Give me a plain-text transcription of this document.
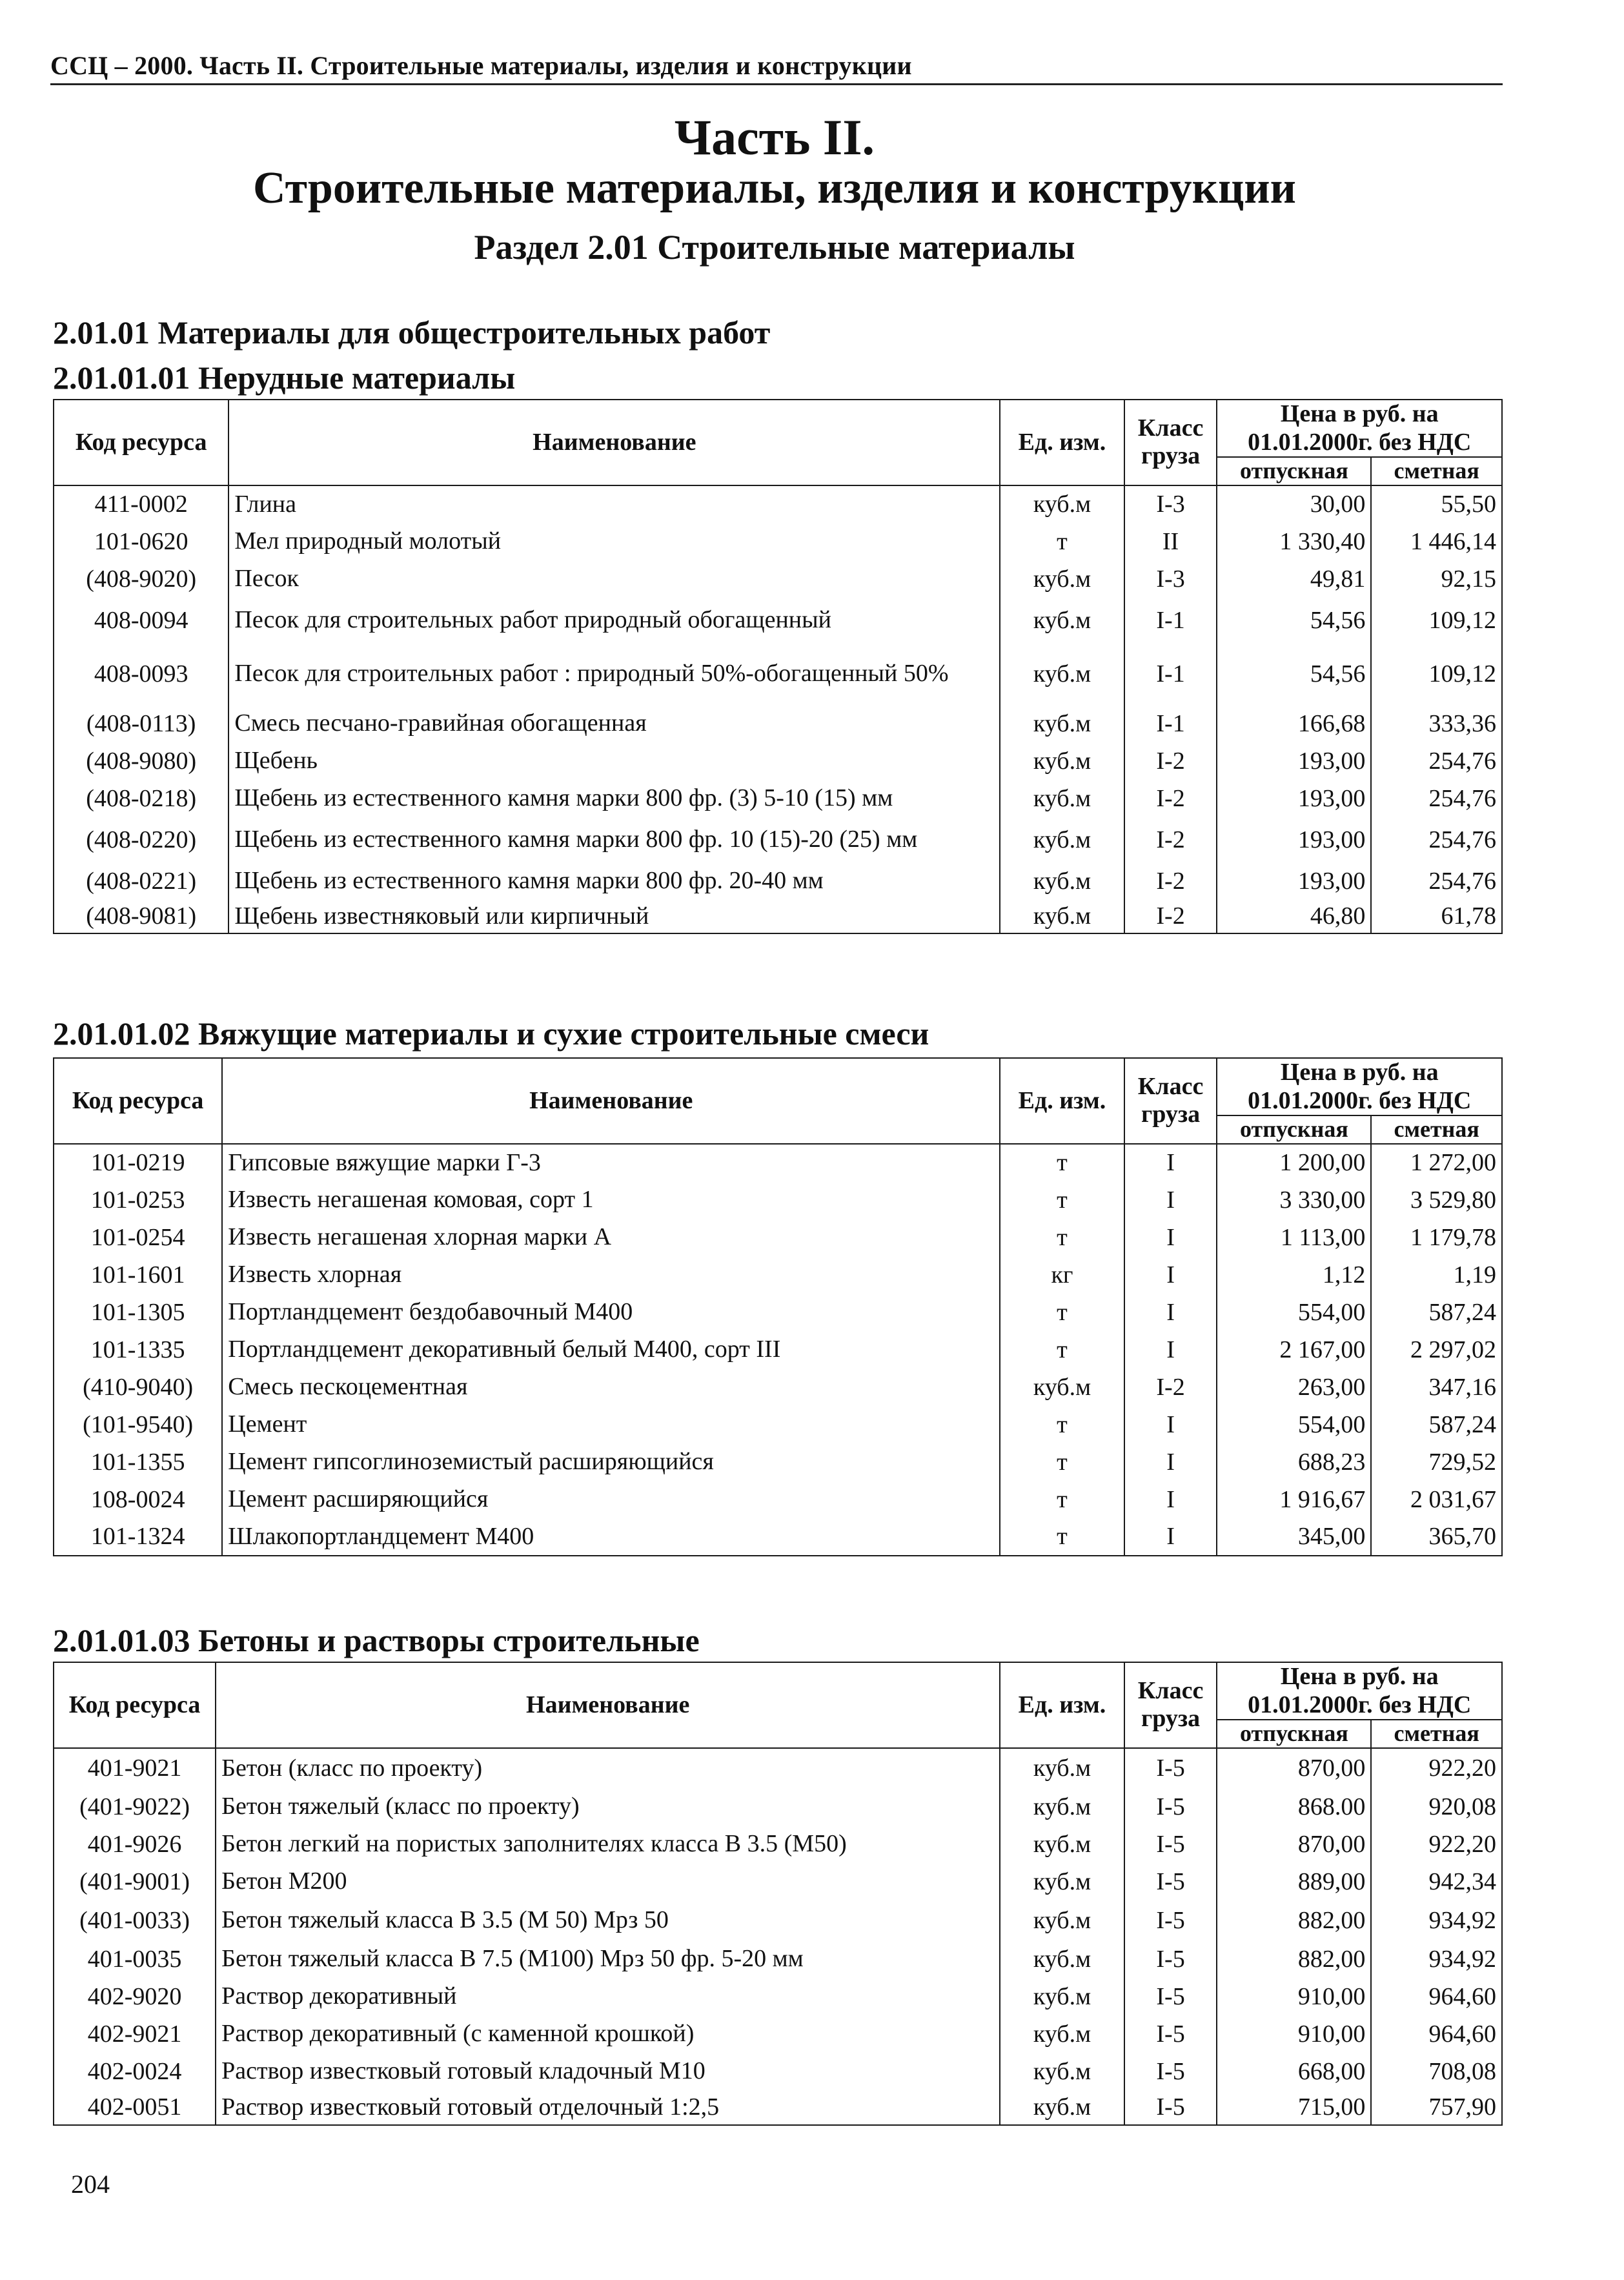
ССЦ – 2000. Часть II. Строительные материалы, изделия и конструкции
Часть II.
Строительные материалы, изделия и конструкции
Раздел 2.01 Строительные материалы
2.01.01 Материалы для общестроительных работ
2.01.01.01 Нерудные материалы
2.01.01.02 Вяжущие материалы и сухие строительные смеси
2.01.01.03 Бетоны и растворы строительные
Код ресурса	Наименование	Ед. изм.	Класс груза	Цена в руб. на 01.01.2000г. без НДС	
				отпускная	сметная
411-0002	Глина	куб.м	I-3	30,00	55,50
101-0620	Мел природный молотый	т	II	1 330,40	1 446,14
(408-9020)	Песок	куб.м	I-3	49,81	92,15
408-0094	Песок для строительных работ природный обогащенный	куб.м	I-1	54,56	109,12
408-0093	Песок для строительных работ : природный 50%-обогащенный 50%	куб.м	I-1	54,56	109,12
(408-0113)	Смесь песчано-гравийная обогащенная	куб.м	I-1	166,68	333,36
(408-9080)	Щебень	куб.м	I-2	193,00	254,76
(408-0218)	Щебень из естественного камня марки 800 фр. (3) 5-10 (15) мм	куб.м	I-2	193,00	254,76
(408-0220)	Щебень из естественного камня марки 800 фр. 10 (15)-20 (25) мм	куб.м	I-2	193,00	254,76
(408-0221)	Щебень из естественного камня марки 800 фр. 20-40 мм	куб.м	I-2	193,00	254,76
(408-9081)	Щебень известняковый или кирпичный	куб.м	I-2	46,80	61,78
Код ресурса	Наименование	Ед. изм.	Класс груза	Цена в руб. на 01.01.2000г. без НДС	
				отпускная	сметная
101-0219	Гипсовые вяжущие марки Г-3	т	I	1 200,00	1 272,00
101-0253	Известь негашеная комовая, сорт 1	т	I	3 330,00	3 529,80
101-0254	Известь негашеная хлорная марки А	т	I	1 113,00	1 179,78
101-1601	Известь хлорная	кг	I	1,12	1,19
101-1305	Портландцемент бездобавочный М400	т	I	554,00	587,24
101-1335	Портландцемент декоративный белый М400, сорт III	т	I	2 167,00	2 297,02
(410-9040)	Смесь пескоцементная	куб.м	I-2	263,00	347,16
(101-9540)	Цемент	т	I	554,00	587,24
101-1355	Цемент гипсоглиноземистый расширяющийся	т	I	688,23	729,52
108-0024	Цемент расширяющийся	т	I	1 916,67	2 031,67
101-1324	Шлакопортландцемент М400	т	I	345,00	365,70
Код ресурса	Наименование	Ед. изм.	Класс груза	Цена в руб. на 01.01.2000г. без НДС	
				отпускная	сметная
401-9021	Бетон (класс по проекту)	куб.м	I-5	870,00	922,20
(401-9022)	Бетон тяжелый (класс по проекту)	куб.м	I-5	868.00	920,08
401-9026	Бетон легкий на пористых заполнителях класса В 3.5 (М50)	куб.м	I-5	870,00	922,20
(401-9001)	Бетон М200	куб.м	I-5	889,00	942,34
(401-0033)	Бетон тяжелый класса В 3.5 (М 50) Мрз 50	куб.м	I-5	882,00	934,92
401-0035	Бетон тяжелый класса В 7.5 (М100) Мрз 50 фр. 5-20 мм	куб.м	I-5	882,00	934,92
402-9020	Раствор декоративный	куб.м	I-5	910,00	964,60
402-9021	Раствор декоративный (с каменной крошкой)	куб.м	I-5	910,00	964,60
402-0024	Раствор известковый готовый кладочный М10	куб.м	I-5	668,00	708,08
402-0051	Раствор известковый готовый отделочный 1:2,5	куб.м	I-5	715,00	757,90
204
